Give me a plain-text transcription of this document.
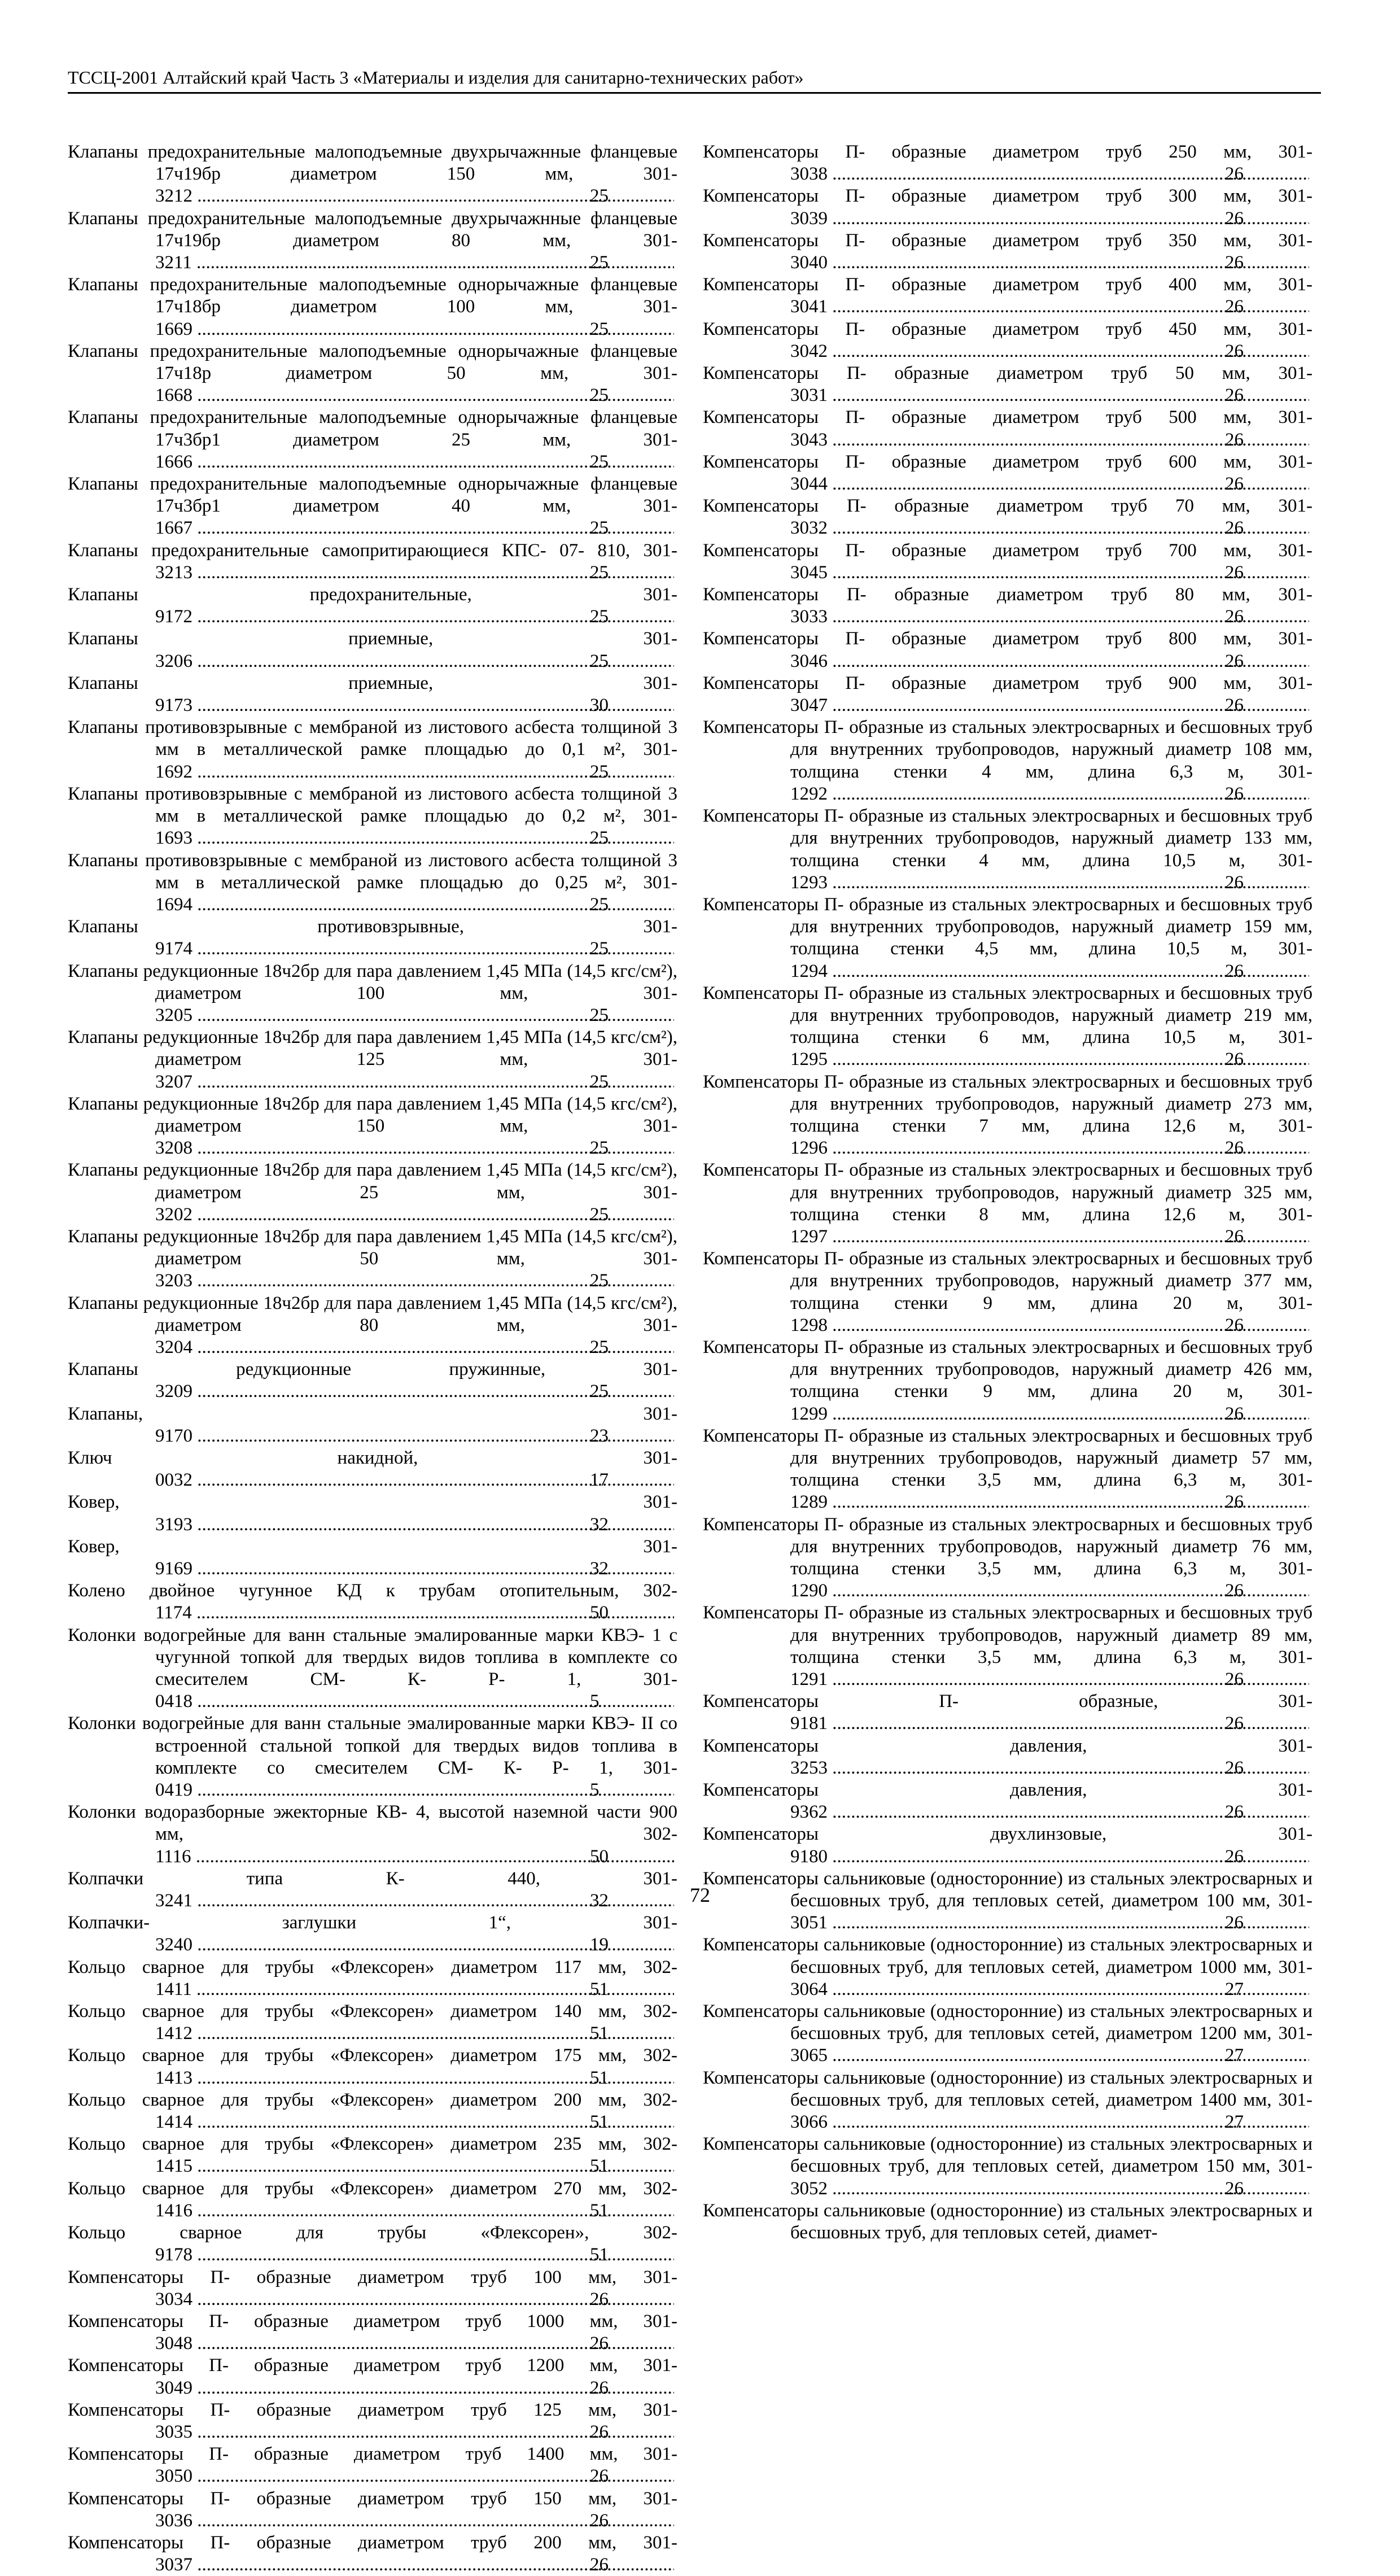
ТССЦ-2001 Алтайский край Часть 3 «Материалы и изделия для санитарно-технических работ»
Клапаны предохранительные малоподъемные двухрычажнные фланцевые 17ч19бр диаметром 150 мм, 301- 3212 .....	25
Клапаны предохранительные малоподъемные двухрычажнные фланцевые 17ч19бр диаметром 80 мм, 301- 3211 .....	25
Клапаны предохранительные малоподъемные однорычажные фланцевые 17ч18бр диаметром 100 мм, 301- 1669 .....	25
Клапаны предохранительные малоподъемные однорычажные фланцевые 17ч18р диаметром 50 мм, 301- 1668 .....	25
Клапаны предохранительные малоподъемные однорычажные фланцевые 17ч3бр1 диаметром 25 мм, 301- 1666 .....	25
Клапаны предохранительные малоподъемные однорычажные фланцевые 17ч3бр1 диаметром 40 мм, 301- 1667 .....	25
Клапаны предохранительные самопритирающиеся КПС- 07- 810, 301- 3213 .....	25
Клапаны предохранительные, 301- 9172 .....	25
Клапаны приемные, 301- 3206 .....	25
Клапаны приемные, 301- 9173 .....	30
Клапаны противовзрывные с мембраной из листового асбеста толщиной 3 мм в металлической рамке площадью до 0,1 м², 301- 1692 .....	25
Клапаны противовзрывные с мембраной из листового асбеста толщиной 3 мм в металлической рамке площадью до 0,2 м², 301- 1693 .....	25
Клапаны противовзрывные с мембраной из листового асбеста толщиной 3 мм в металлической рамке площадью до 0,25 м², 301- 1694 .....	25
Клапаны противовзрывные, 301- 9174 .....	25
Клапаны редукционные 18ч2бр для пара давлением 1,45 МПа (14,5 кгс/см²), диаметром 100 мм, 301- 3205 .....	25
Клапаны редукционные 18ч2бр для пара давлением 1,45 МПа (14,5 кгс/см²), диаметром 125 мм, 301- 3207 .....	25
Клапаны редукционные 18ч2бр для пара давлением 1,45 МПа (14,5 кгс/см²), диаметром 150 мм, 301- 3208 .....	25
Клапаны редукционные 18ч2бр для пара давлением 1,45 МПа (14,5 кгс/см²), диаметром 25 мм, 301- 3202 .....	25
Клапаны редукционные 18ч2бр для пара давлением 1,45 МПа (14,5 кгс/см²), диаметром 50 мм, 301- 3203 .....	25
Клапаны редукционные 18ч2бр для пара давлением 1,45 МПа (14,5 кгс/см²), диаметром 80 мм, 301- 3204 .....	25
Клапаны редукционные пружинные, 301- 3209 .....	25
Клапаны, 301- 9170 .....	23
Ключ накидной, 301- 0032 .....	17
Ковер, 301- 3193 .....	32
Ковер, 301- 9169 .....	32
Колено двойное чугунное КД к трубам отопительным, 302- 1174 .....	50
Колонки водогрейные для ванн стальные эмалированные марки КВЭ- 1 с чугунной топкой для твердых видов топлива в комплекте со смесителем СМ- К- Р- 1, 301- 0418 .....	5
Колонки водогрейные для ванн стальные эмалированные марки КВЭ- II со встроенной стальной топкой для твердых видов топлива в комплекте со смесителем СМ- К- Р- 1, 301- 0419 .....	5
Колонки водоразборные эжекторные КВ- 4, высотой наземной части 900 мм, 302- 1116 .....	50
Колпачки типа К- 440, 301- 3241 .....	32
Колпачки- заглушки 1“, 301- 3240 .....	19
Кольцо сварное для трубы «Флексорен» диаметром 117 мм, 302- 1411 .....	51
Кольцо сварное для трубы «Флексорен» диаметром 140 мм, 302- 1412 .....	51
Кольцо сварное для трубы «Флексорен» диаметром 175 мм, 302- 1413 .....	51
Кольцо сварное для трубы «Флексорен» диаметром 200 мм, 302- 1414 .....	51
Кольцо сварное для трубы «Флексорен» диаметром 235 мм, 302- 1415 .....	51
Кольцо сварное для трубы «Флексорен» диаметром 270 мм, 302- 1416 .....	51
Кольцо сварное для трубы «Флексорен», 302- 9178 .....	51
Компенсаторы П- образные диаметром труб 100 мм, 301- 3034 .....	26
Компенсаторы П- образные диаметром труб 1000 мм, 301- 3048 .....	26
Компенсаторы П- образные диаметром труб 1200 мм, 301- 3049 .....	26
Компенсаторы П- образные диаметром труб 125 мм, 301- 3035 .....	26
Компенсаторы П- образные диаметром труб 1400 мм, 301- 3050 .....	26
Компенсаторы П- образные диаметром труб 150 мм, 301- 3036 .....	26
Компенсаторы П- образные диаметром труб 200 мм, 301- 3037 .....	26
Компенсаторы П- образные диаметром труб 250 мм, 301- 3038 .....	26
Компенсаторы П- образные диаметром труб 300 мм, 301- 3039 .....	26
Компенсаторы П- образные диаметром труб 350 мм, 301- 3040 .....	26
Компенсаторы П- образные диаметром труб 400 мм, 301- 3041 .....	26
Компенсаторы П- образные диаметром труб 450 мм, 301- 3042 .....	26
Компенсаторы П- образные диаметром труб 50 мм, 301- 3031 .....	26
Компенсаторы П- образные диаметром труб 500 мм, 301- 3043 .....	26
Компенсаторы П- образные диаметром труб 600 мм, 301- 3044 .....	26
Компенсаторы П- образные диаметром труб 70 мм, 301- 3032 .....	26
Компенсаторы П- образные диаметром труб 700 мм, 301- 3045 .....	26
Компенсаторы П- образные диаметром труб 80 мм, 301- 3033 .....	26
Компенсаторы П- образные диаметром труб 800 мм, 301- 3046 .....	26
Компенсаторы П- образные диаметром труб 900 мм, 301- 3047 .....	26
Компенсаторы П- образные из стальных электросварных и бесшовных труб для внутренних трубопроводов, наружный диаметр 108 мм, толщина стенки 4 мм, длина 6,3 м, 301- 1292 .....	26
Компенсаторы П- образные из стальных электросварных и бесшовных труб для внутренних трубопроводов, наружный диаметр 133 мм, толщина стенки 4 мм, длина 10,5 м, 301- 1293 .....	26
Компенсаторы П- образные из стальных электросварных и бесшовных труб для внутренних трубопроводов, наружный диаметр 159 мм, толщина стенки 4,5 мм, длина 10,5 м, 301- 1294 .....	26
Компенсаторы П- образные из стальных электросварных и бесшовных труб для внутренних трубопроводов, наружный диаметр 219 мм, толщина стенки 6 мм, длина 10,5 м, 301- 1295 .....	26
Компенсаторы П- образные из стальных электросварных и бесшовных труб для внутренних трубопроводов, наружный диаметр 273 мм, толщина стенки 7 мм, длина 12,6 м, 301- 1296 .....	26
Компенсаторы П- образные из стальных электросварных и бесшовных труб для внутренних трубопроводов, наружный диаметр 325 мм, толщина стенки 8 мм, длина 12,6 м, 301- 1297 .....	26
Компенсаторы П- образные из стальных электросварных и бесшовных труб для внутренних трубопроводов, наружный диаметр 377 мм, толщина стенки 9 мм, длина 20 м, 301- 1298 .....	26
Компенсаторы П- образные из стальных электросварных и бесшовных труб для внутренних трубопроводов, наружный диаметр 426 мм, толщина стенки 9 мм, длина 20 м, 301- 1299 .....	26
Компенсаторы П- образные из стальных электросварных и бесшовных труб для внутренних трубопроводов, наружный диаметр 57 мм, толщина стенки 3,5 мм, длина 6,3 м, 301- 1289 .....	26
Компенсаторы П- образные из стальных электросварных и бесшовных труб для внутренних трубопроводов, наружный диаметр 76 мм, толщина стенки 3,5 мм, длина 6,3 м, 301- 1290 .....	26
Компенсаторы П- образные из стальных электросварных и бесшовных труб для внутренних трубопроводов, наружный диаметр 89 мм, толщина стенки 3,5 мм, длина 6,3 м, 301- 1291 .....	26
Компенсаторы П- образные, 301- 9181 .....	26
Компенсаторы давления, 301- 3253 .....	26
Компенсаторы давления, 301- 9362 .....	26
Компенсаторы двухлинзовые, 301- 9180 .....	26
Компенсаторы сальниковые (односторонние) из стальных электросварных и бесшовных труб, для тепловых сетей, диаметром 100 мм, 301- 3051 .....	26
Компенсаторы сальниковые (односторонние) из стальных электросварных и бесшовных труб, для тепловых сетей, диаметром 1000 мм, 301- 3064 .....	27
Компенсаторы сальниковые (односторонние) из стальных электросварных и бесшовных труб, для тепловых сетей, диаметром 1200 мм, 301- 3065 .....	27
Компенсаторы сальниковые (односторонние) из стальных электросварных и бесшовных труб, для тепловых сетей, диаметром 1400 мм, 301- 3066 .....	27
Компенсаторы сальниковые (односторонние) из стальных электросварных и бесшовных труб, для тепловых сетей, диаметром 150 мм, 301- 3052 .....	26
Компенсаторы сальниковые (односторонние) из стальных электросварных и бесшовных труб, для тепловых сетей, диамет-
72
